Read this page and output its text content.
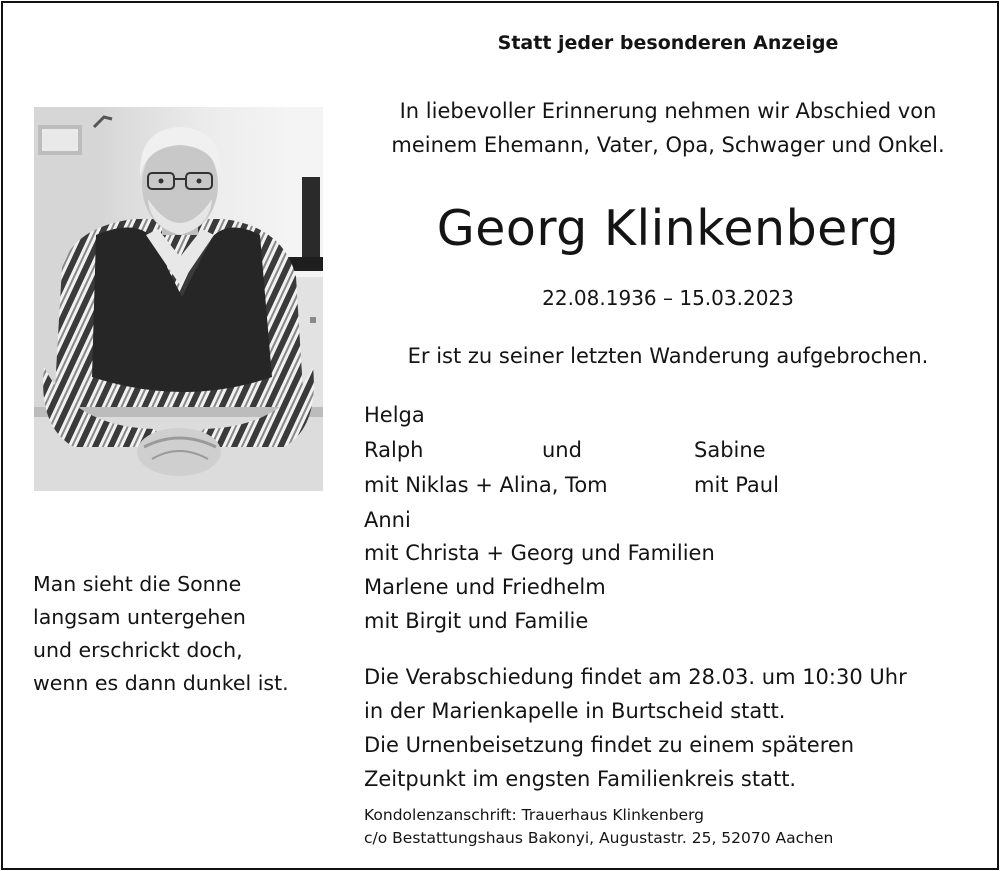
Statt jeder besonderen Anzeige
In liebevoller Erinnerung nehmen wir Abschied von
meinem Ehemann, Vater, Opa, Schwager und Onkel.
Georg Klinkenberg
22.08.1936 – 15.03.2023
Er ist zu seiner letzten Wanderung aufgebrochen.
Helga
Ralph	und	Sabine
mit Niklas + Alina, Tom	mit Paul
Anni
mit Christa + Georg und Familien
Marlene und Friedhelm
mit Birgit und Familie
Die Verabschiedung findet am 28.03. um 10:30 Uhr
in der Marienkapelle in Burtscheid statt.
Die Urnenbeisetzung findet zu einem späteren
Zeitpunkt im engsten Familienkreis statt.
Kondolenzanschrift: Trauerhaus Klinkenberg
c/o Bestattungshaus Bakonyi, Augustastr. 25, 52070 Aachen
Man sieht die Sonne
langsam untergehen
und erschrickt doch,
wenn es dann dunkel ist.
